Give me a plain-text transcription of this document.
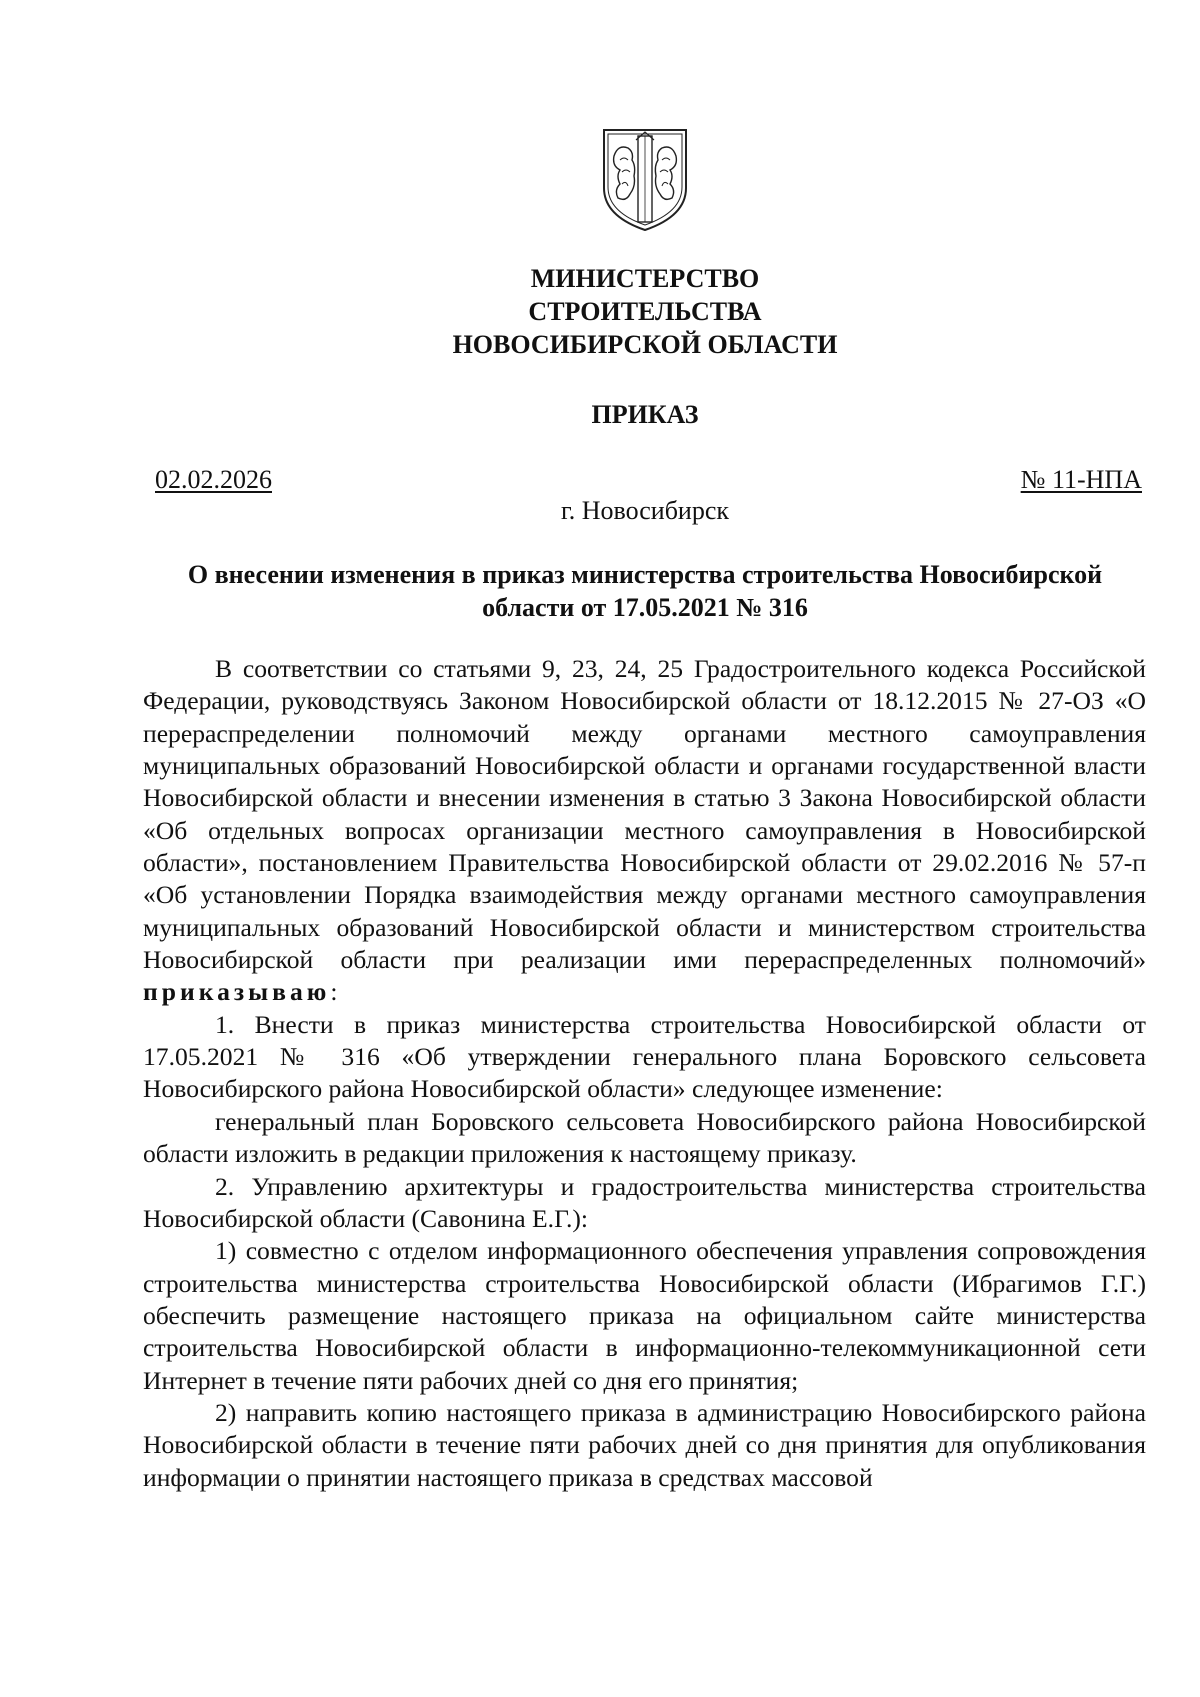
МИНИСТЕРСТВО
СТРОИТЕЛЬСТВА
НОВОСИБИРСКОЙ ОБЛАСТИ
ПРИКАЗ
02.02.2026	№ 11-НПА
г. Новосибирск
О внесении изменения в приказ министерства строительства Новосибирской
области от 17.05.2021 № 316

В соответствии со статьями 9, 23, 24, 25 Градостроительного кодекса Российской Федерации, руководствуясь Законом Новосибирской области от 18.12.2015 № 27-ОЗ «О перераспределении полномочий между органами местного самоуправления муниципальных образований Новосибирской области и органами государственной власти Новосибирской области и внесении изменения в статью 3 Закона Новосибирской области «Об отдельных вопросах организации местного самоуправления в Новосибирской области», постановлением Правительства Новосибирской области от 29.02.2016 № 57-п «Об установлении Порядка взаимодействия между органами местного самоуправления муниципальных образований Новосибирской области и министерством строительства Новосибирской области при реализации ими перераспределенных полномочий» приказываю:

1. Внести в приказ министерства строительства Новосибирской области от 17.05.2021 № 316 «Об утверждении генерального плана Боровского сельсовета Новосибирского района Новосибирской области» следующее изменение:

генеральный план Боровского сельсовета Новосибирского района Новосибирской области изложить в редакции приложения к настоящему приказу.

2. Управлению архитектуры и градостроительства министерства строительства Новосибирской области (Савонина Е.Г.):

1) совместно с отделом информационного обеспечения управления сопровождения строительства министерства строительства Новосибирской области (Ибрагимов Г.Г.) обеспечить размещение настоящего приказа на официальном сайте министерства строительства Новосибирской области в информационно-телекоммуникационной сети Интернет в течение пяти рабочих дней со дня его принятия;

2) направить копию настоящего приказа в администрацию Новосибирского района Новосибирской области в течение пяти рабочих дней со дня принятия для опубликования информации о принятии настоящего приказа в средствах массовой
